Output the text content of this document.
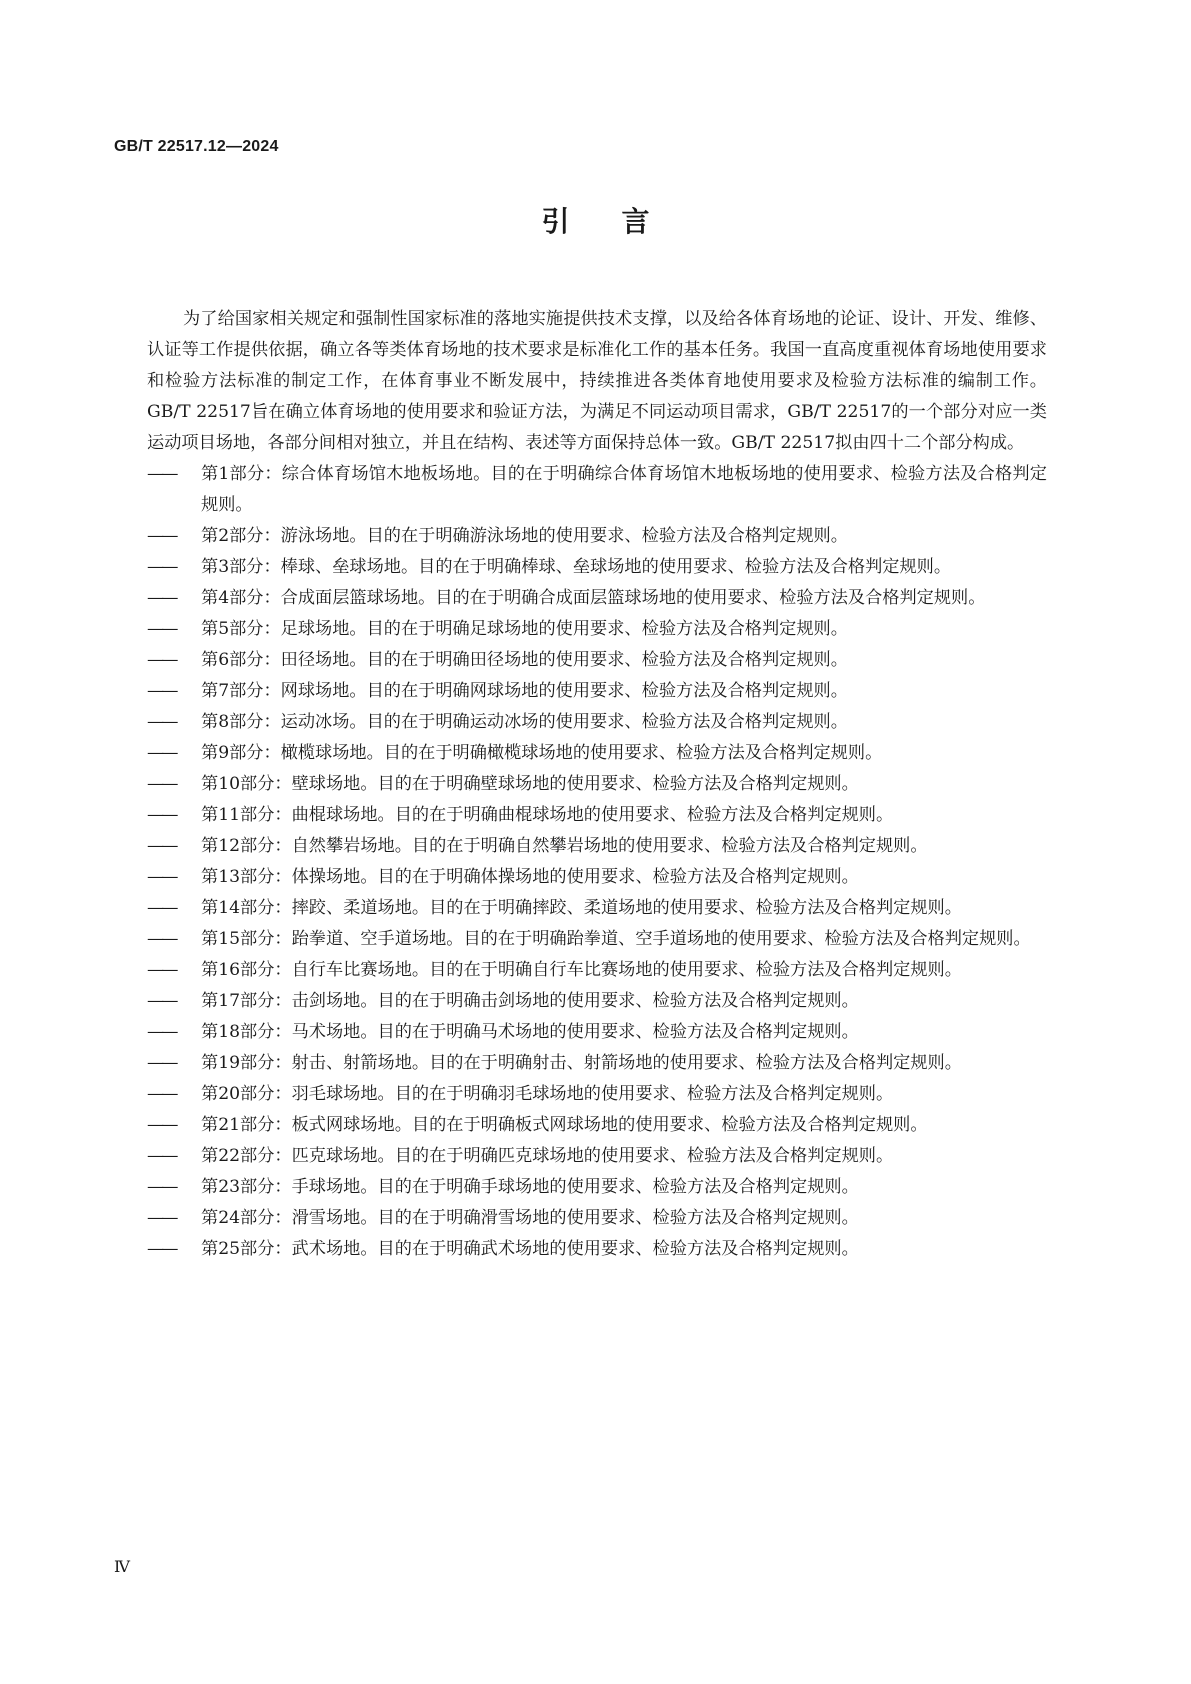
GB/T 22517.12—2024
引言

为了给国家相关规定和强制性国家标准的落地实施提供技术支撑，以及给各体育场地的论证、设计、开发、维修、认证等工作提供依据，确立各等类体育场地的技术要求是标准化工作的基本任务。我国一直高度重视体育场地使用要求和检验方法标准的制定工作，在体育事业不断发展中，持续推进各类体育地使用要求及检验方法标准的编制工作。GB/T 22517旨在确立体育场地的使用要求和验证方法，为满足不同运动项目需求，GB/T 22517的一个部分对应一类运动项目场地，各部分间相对独立，并且在结构、表述等方面保持总体一致。GB/T 22517拟由四十二个部分构成。

——	第1部分：综合体育场馆木地板场地。目的在于明确综合体育场馆木地板场地的使用要求、检验方法及合格判定规则。
——	第2部分：游泳场地。目的在于明确游泳场地的使用要求、检验方法及合格判定规则。
——	第3部分：棒球、垒球场地。目的在于明确棒球、垒球场地的使用要求、检验方法及合格判定规则。
——	第4部分：合成面层篮球场地。目的在于明确合成面层篮球场地的使用要求、检验方法及合格判定规则。
——	第5部分：足球场地。目的在于明确足球场地的使用要求、检验方法及合格判定规则。
——	第6部分：田径场地。目的在于明确田径场地的使用要求、检验方法及合格判定规则。
——	第7部分：网球场地。目的在于明确网球场地的使用要求、检验方法及合格判定规则。
——	第8部分：运动冰场。目的在于明确运动冰场的使用要求、检验方法及合格判定规则。
——	第9部分：橄榄球场地。目的在于明确橄榄球场地的使用要求、检验方法及合格判定规则。
——	第10部分：壁球场地。目的在于明确壁球场地的使用要求、检验方法及合格判定规则。
——	第11部分：曲棍球场地。目的在于明确曲棍球场地的使用要求、检验方法及合格判定规则。
——	第12部分：自然攀岩场地。目的在于明确自然攀岩场地的使用要求、检验方法及合格判定规则。
——	第13部分：体操场地。目的在于明确体操场地的使用要求、检验方法及合格判定规则。
——	第14部分：摔跤、柔道场地。目的在于明确摔跤、柔道场地的使用要求、检验方法及合格判定规则。
——	第15部分：跆拳道、空手道场地。目的在于明确跆拳道、空手道场地的使用要求、检验方法及合格判定规则。
——	第16部分：自行车比赛场地。目的在于明确自行车比赛场地的使用要求、检验方法及合格判定规则。
——	第17部分：击剑场地。目的在于明确击剑场地的使用要求、检验方法及合格判定规则。
——	第18部分：马术场地。目的在于明确马术场地的使用要求、检验方法及合格判定规则。
——	第19部分：射击、射箭场地。目的在于明确射击、射箭场地的使用要求、检验方法及合格判定规则。
——	第20部分：羽毛球场地。目的在于明确羽毛球场地的使用要求、检验方法及合格判定规则。
——	第21部分：板式网球场地。目的在于明确板式网球场地的使用要求、检验方法及合格判定规则。
——	第22部分：匹克球场地。目的在于明确匹克球场地的使用要求、检验方法及合格判定规则。
——	第23部分：手球场地。目的在于明确手球场地的使用要求、检验方法及合格判定规则。
——	第24部分：滑雪场地。目的在于明确滑雪场地的使用要求、检验方法及合格判定规则。
——	第25部分：武术场地。目的在于明确武术场地的使用要求、检验方法及合格判定规则。
Ⅳ
